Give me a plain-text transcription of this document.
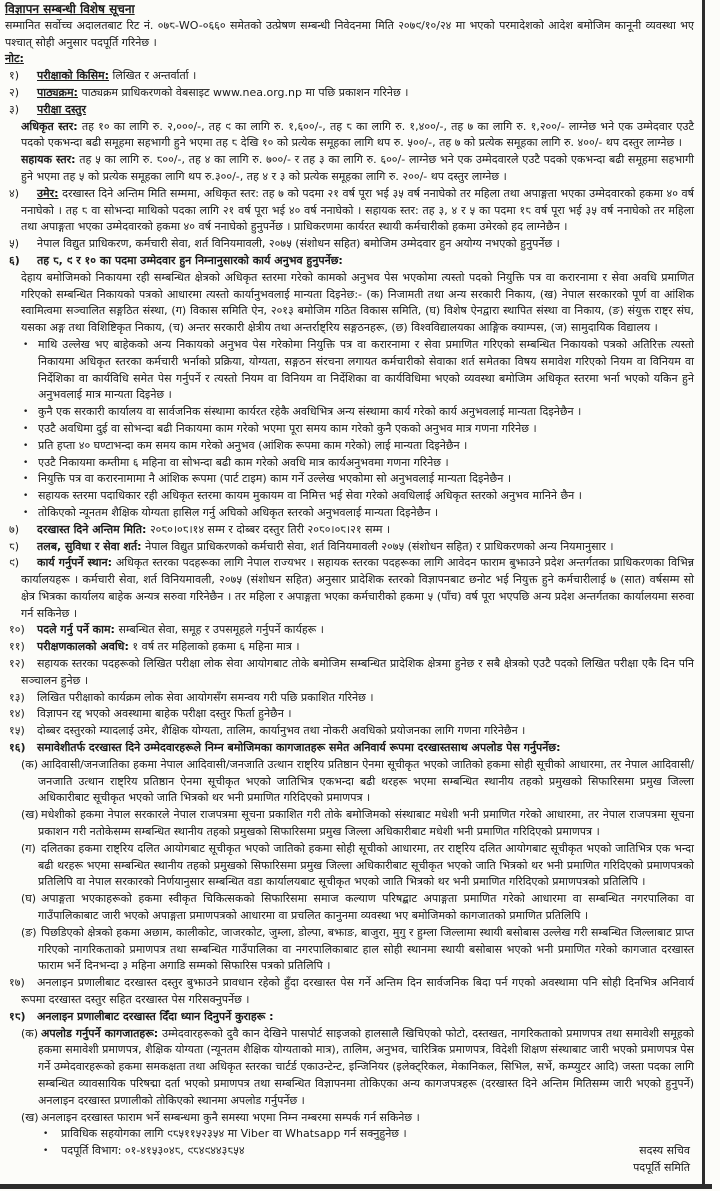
विज्ञापन सम्बन्धी विशेष सूचना
सम्मानित सर्वोच्च अदालतबाट रिट नं. ०७८-WO-०६६० समेतको उत्प्रेषण सम्बन्धी निवेदनमा मिति २०७९/१०/२४ मा भएको परमादेशको आदेश बमोजिम कानूनी व्यवस्था भए पश्चात् सोही अनुसार पदपूर्ति गरिनेछ ।
नोट:
१) परीक्षाको किसिम: लिखित र अन्तर्वार्ता ।
२) पाठ्यक्रम: पाठ्यक्रम प्राधिकरणको वेबसाइट www.nea.org.np मा पछि प्रकाशन गरिनेछ ।
३) परीक्षा दस्तुर
अधिकृत स्तर: तह १० का लागि रु. २,०००/-, तह ९ का लागि रु. १,६००/-, तह ८ का लागि रु. १,४००/-, तह ७ का लागि रु. १,२००/- लाग्नेछ भने एक उम्मेदवार एउटै पदको एकभन्दा बढी समूहमा सहभागी हुने भएमा तह ८ देखि १० को प्रत्येक समूहका लागि थप रु. ५००/-, तह ७ को प्रत्येक समूहका लागि रु. ४००/- थप दस्तुर लाग्नेछ ।
सहायक स्तर: तह ५ का लागि रु. ८००/-, तह ४ का लागि रु. ७००/- र तह ३ का लागि रु. ६००/- लाग्नेछ भने एक उम्मेदवारले एउटै पदको एकभन्दा बढी समूहमा सहभागी हुने भएमा तह ५ को प्रत्येक समूहका लागि थप रु.३००/-, तह ४ र ३ को प्रत्येक समूहका लागि रु. २००/- थप दस्तुर लाग्नेछ ।
४) उमेर: दरखास्त दिने अन्तिम मिति सम्ममा, अधिकृत स्तर: तह ७ को पदमा २१ वर्ष पूरा भई ३५ वर्ष ननाघेको तर महिला तथा अपाङ्गता भएका उम्मेदवारको हकमा ४० वर्ष ननाघेको । तह ८ वा सोभन्दा माथिको पदका लागि २१ वर्ष पूरा भई ४० वर्ष ननाघेको । सहायक स्तर: तह ३, ४ र ५ का पदमा १८ वर्ष पूरा भई ३५ वर्ष ननाघेको तर महिला तथा अपाङ्गता भएका उम्मेदवारको हकमा ४० वर्ष ननाघेको हुनुपर्नेछ । प्राधिकरणमा कार्यरत स्थायी कर्मचारीको हकमा उमेरको हद लाग्नेछैन ।
५) नेपाल विद्युत प्राधिकरण, कर्मचारी सेवा, शर्त विनियमावली, २०७५ (संशोधन सहित) बमोजिम उम्मेदवार हुन अयोग्य नभएको हुनुपर्नेछ ।
६) तह ८, ९ र १० का पदमा उम्मेदवार हुन निम्नानुसारको कार्य अनुभव हुनुपर्नेछ:
देहाय बमोजिमको निकायमा रही सम्बन्धित क्षेत्रको अधिकृत स्तरमा गरेको कामको अनुभव पेस भएकोमा त्यस्तो पदको नियुक्ति पत्र वा करारनामा र सेवा अवधि प्रमाणित गरिएको सम्बन्धित निकायको पत्रको आधारमा त्यस्तो कार्यानुभवलाई मान्यता दिइनेछ:- (क) निजामती तथा अन्य सरकारी निकाय, (ख) नेपाल सरकारको पूर्ण वा आंशिक स्वामित्वमा सञ्चालित सङ्गठित संस्था, (ग) विकास समिति ऐन, २०१३ बमोजिम गठित विकास समिति, (घ) विशेष ऐनद्वारा स्थापित संस्था वा निकाय, (ङ) संयुक्त राष्ट्र संघ, यसका अङ्ग तथा विशिष्टिकृत निकाय, (च) अन्तर सरकारी क्षेत्रीय तथा अन्तर्राष्ट्रिय सङ्गठनहरू, (छ) विश्वविद्यालयका आङ्गिक क्याम्पस, (ज) सामुदायिक विद्यालय ।
• माथि उल्लेख भए बाहेकको अन्य निकायको अनुभव पेस गरेकोमा नियुक्ति पत्र वा करारनामा र सेवा प्रमाणित गरिएको सम्बन्धित निकायको पत्रको अतिरिक्त त्यस्तो निकायमा अधिकृत स्तरका कर्मचारी भर्नाको प्रक्रिया, योग्यता, सङ्गठन संरचना लगायत कर्मचारीको सेवाका शर्त समेतका विषय समावेश गरिएको नियम वा विनियम वा निर्देशिका वा कार्यविधि समेत पेस गर्नुपर्ने र त्यस्तो नियम वा विनियम वा निर्देशिका वा कार्यविधिमा भएको व्यवस्था बमोजिम अधिकृत स्तरमा भर्ना भएको यकिन हुने अनुभवलाई मात्र मान्यता दिइनेछ ।
• कुनै एक सरकारी कार्यालय वा सार्वजनिक संस्थामा कार्यरत रहेकै अवधिभित्र अन्य संस्थामा कार्य गरेको कार्य अनुभवलाई मान्यता दिइनेछैन ।
• एउटै अवधिमा दुई वा सोभन्दा बढी निकायमा काम गरेको भएमा पूरा समय काम गरेको कुनै एकको अनुभव मात्र गणना गरिनेछ ।
• प्रति हप्ता ४० घण्टाभन्दा कम समय काम गरेको अनुभव (आंशिक रूपमा काम गरेको) लाई मान्यता दिइनेछैन ।
• एउटै निकायमा कम्तीमा ६ महिना वा सोभन्दा बढी काम गरेको अवधि मात्र कार्यअनुभवमा गणना गरिनेछ ।
• नियुक्ति पत्र वा करारनामामा नै आंशिक रूपमा (पार्ट टाइम) काम गर्ने उल्लेख भएकोमा सो अनुभवलाई मान्यता दिइनेछैन ।
• सहायक स्तरमा पदाधिकार रही अधिकृत स्तरमा कायम मुकायम वा निमित्त भई सेवा गरेको अवधिलाई अधिकृत स्तरको अनुभव मानिने छैन ।
• तोकिएको न्यूनतम शैक्षिक योग्यता हासिल गर्नु अघिको अधिकृत स्तरको अनुभवलाई मान्यता दिइनेछैन ।
७) दरखास्त दिने अन्तिम मिति: २०८०।०८।१४ सम्म र दोब्बर दस्तुर तिरी २०८०।०८।२१ सम्म ।
८) तलब, सुविधा र सेवा शर्त: नेपाल विद्युत प्राधिकरणको कर्मचारी सेवा, शर्त विनियमावली २०७५ (संशोधन सहित) र प्राधिकरणको अन्य नियमानुसार ।
९) कार्य गर्नुपर्ने स्थान: अधिकृत स्तरका पदहरूका लागि नेपाल राज्यभर । सहायक स्तरका पदहरूका लागि आवेदन फाराम बुझाउने प्रदेश अन्तर्गतका प्राधिकरणका विभिन्न कार्यालयहरू । कर्मचारी सेवा, शर्त विनियमावली, २०७५ (संशोधन सहित) अनुसार प्रादेशिक स्तरको विज्ञापनबाट छनोट भई नियुक्त हुने कर्मचारीलाई ७ (सात) वर्षसम्म सो क्षेत्र भित्रका कार्यालय बाहेक अन्यत्र सरुवा गरिनेछैन । तर महिला र अपाङ्गता भएका कर्मचारीको हकमा ५ (पाँच) वर्ष पूरा भएपछि अन्य प्रदेश अन्तर्गतका कार्यालयमा सरुवा गर्न सकिनेछ ।
१०) पदले गर्नु पर्ने काम: सम्बन्धित सेवा, समूह र उपसमूहले गर्नुपर्ने कार्यहरू ।
११) परीक्षणकालको अवधि: १ वर्ष तर महिलाको हकमा ६ महिना मात्र ।
१२) सहायक स्तरका पदहरूको लिखित परीक्षा लोक सेवा आयोगबाट तोके बमोजिम सम्बन्धित प्रादेशिक क्षेत्रमा हुनेछ र सबै क्षेत्रको एउटै पदको लिखित परीक्षा एकै दिन पनि सञ्चालन हुनेछ ।
१३) लिखित परीक्षाको कार्यक्रम लोक सेवा आयोगसँग समन्वय गरी पछि प्रकाशित गरिनेछ ।
१४) विज्ञापन रद्द भएको अवस्थामा बाहेक परीक्षा दस्तुर फिर्ता हुनेछैन ।
१५) दोब्बर दस्तुरको म्यादलाई उमेर, शैक्षिक योग्यता, तालिम, कार्यानुभव तथा नोकरी अवधिको प्रयोजनका लागि गणना गरिनेछैन ।
१६) समावेशीतर्फ दरखास्त दिने उम्मेदवारहरूले निम्न बमोजिमका कागजातहरू समेत अनिवार्य रूपमा दरखास्तसाथ अपलोड पेस गर्नुपर्नेछ:
(क) आदिवासी/जनजातिका हकमा नेपाल आदिवासी/जनजाति उत्थान राष्ट्रिय प्रतिष्ठान ऐनमा सूचीकृत भएको जातिको हकमा सोही सूचीको आधारमा, तर नेपाल आदिवासी/जनजाति उत्थान राष्ट्रिय प्रतिष्ठान ऐनमा सूचीकृत भएको जातिभित्र एकभन्दा बढी थरहरू भएमा सम्बन्धित स्थानीय तहको प्रमुखको सिफारिसमा प्रमुख जिल्ला अधिकारीबाट सूचीकृत भएको जाति भित्रको थर भनी प्रमाणित गरिदिएको प्रमाणपत्र ।
(ख) मधेशीको हकमा नेपाल सरकारले नेपाल राजपत्रमा सूचना प्रकाशित गरी तोके बमोजिमको संस्थाबाट मधेशी भनी प्रमाणित गरेको आधारमा, तर नेपाल राजपत्रमा सूचना प्रकाशन गरी नतोकेसम्म सम्बन्धित स्थानीय तहको प्रमुखको सिफारिसमा प्रमुख जिल्ला अधिकारीबाट मधेशी भनी प्रमाणित गरिदिएको प्रमाणपत्र ।
(ग) दलितका हकमा राष्ट्रिय दलित आयोगबाट सूचीकृत भएको जातिको हकमा सोही सूचीको आधारमा, तर राष्ट्रिय दलित आयोगबाट सूचीकृत भएको जातिभित्र एक भन्दा बढी थरहरू भएमा सम्बन्धित स्थानीय तहको प्रमुखको सिफारिसमा प्रमुख जिल्ला अधिकारीबाट सूचीकृत भएको जाति भित्रको थर भनी प्रमाणित गरिदिएको प्रमाणपत्रको प्रतिलिपि वा नेपाल सरकारको निर्णयानुसार सम्बन्धित वडा कार्यालयबाट सूचीकृत भएको जाति भित्रको थर भनी प्रमाणित गरिदिएको प्रमाणपत्रको प्रतिलिपि ।
(घ) अपाङ्गता भएकाहरूको हकमा स्वीकृत चिकित्सकको सिफारिसमा समाज कल्याण परिषद्बाट अपाङ्गता प्रमाणित गरेको आधारमा वा सम्बन्धित नगरपालिका वा गाउँपालिकाबाट जारी भएको अपाङ्गता प्रमाणपत्रको आधारमा वा प्रचलित कानुनमा व्यवस्था भए बमोजिमको कागजातको प्रमाणित प्रतिलिपि ।
(ङ) पिछडिएको क्षेत्रको हकमा अछाम, कालीकोट, जाजरकोट, जुम्ला, डोल्पा, बझाङ, बाजुरा, मुगु र हुम्ला जिल्लामा स्थायी बसोबास उल्लेख गरी सम्बन्धित जिल्लाबाट प्राप्त गरिएको नागरिकताको प्रमाणपत्र तथा सम्बन्धित गाउँपालिका वा नगरपालिकाबाट हाल सोही स्थानमा स्थायी बसोबास भएको भनी प्रमाणित गरेको कागजात दरखास्त फाराम भर्ने दिनभन्दा ३ महिना अगाडि सम्मको सिफारिस पत्रको प्रतिलिपि ।
१७) अनलाइन प्रणालीबाट दरखास्त दस्तुर बुझाउने प्रावधान रहेको हुँदा दरखास्त पेस गर्ने अन्तिम दिन सार्वजनिक बिदा पर्न गएको अवस्थामा पनि सोही दिनभित्र अनिवार्य रूपमा दरखास्त दस्तुर सहित दरखास्त पेस गरिसक्नुपर्नेछ ।
१८) अनलाइन प्रणालीबाट दरखास्त दिँदा ध्यान दिनुपर्ने कुराहरू :
(क) अपलोड गर्नुपर्ने कागजातहरू: उम्मेदवारहरूको दुवै कान देखिने पासपोर्ट साइजको हालसालै खिचिएको फोटो, दस्तखत, नागरिकताको प्रमाणपत्र तथा समावेशी समूहको हकमा समावेशी प्रमाणपत्र, शैक्षिक योग्यता (न्यूनतम शैक्षिक योग्यताको मात्र), तालिम, अनुभव, चारित्रिक प्रमाणपत्र, विदेशी शिक्षण संस्थाबाट जारी भएको प्रमाणपत्र पेस गर्ने उम्मेदवारहरूको हकमा समकक्षता तथा अधिकृत स्तरका चार्टर्ड एकाउन्टेन्ट, इन्जिनियर (इलेक्ट्रिकल, मेकानिकल, सिभिल, सर्भे, कम्प्युटर आदि) जस्ता पदका लागि सम्बन्धित व्यावसायिक परिषद्मा दर्ता भएको प्रमाणपत्र तथा सम्बन्धित विज्ञापनमा तोकिएका अन्य कागजपत्रहरू (दरखास्त दिने अन्तिम मितिसम्म जारी भएको हुनुपर्ने) अनलाइन दरखास्त प्रणालीको तोकिएको स्थानमा अपलोड गर्नुपर्नेछ ।
(ख) अनलाइन दरखास्त फाराम भर्ने सम्बन्धमा कुनै समस्या भएमा निम्न नम्बरमा सम्पर्क गर्न सकिनेछ ।
• प्राविधिक सहयोगका लागि ९८५११५२३५४ मा Viber वा Whatsapp गर्न सक्नुहुनेछ ।
• पदपूर्ति विभाग: ०१-४१५३०४८, ९८४९४४३८५४	सदस्य सचिव
पदपूर्ति समिति
